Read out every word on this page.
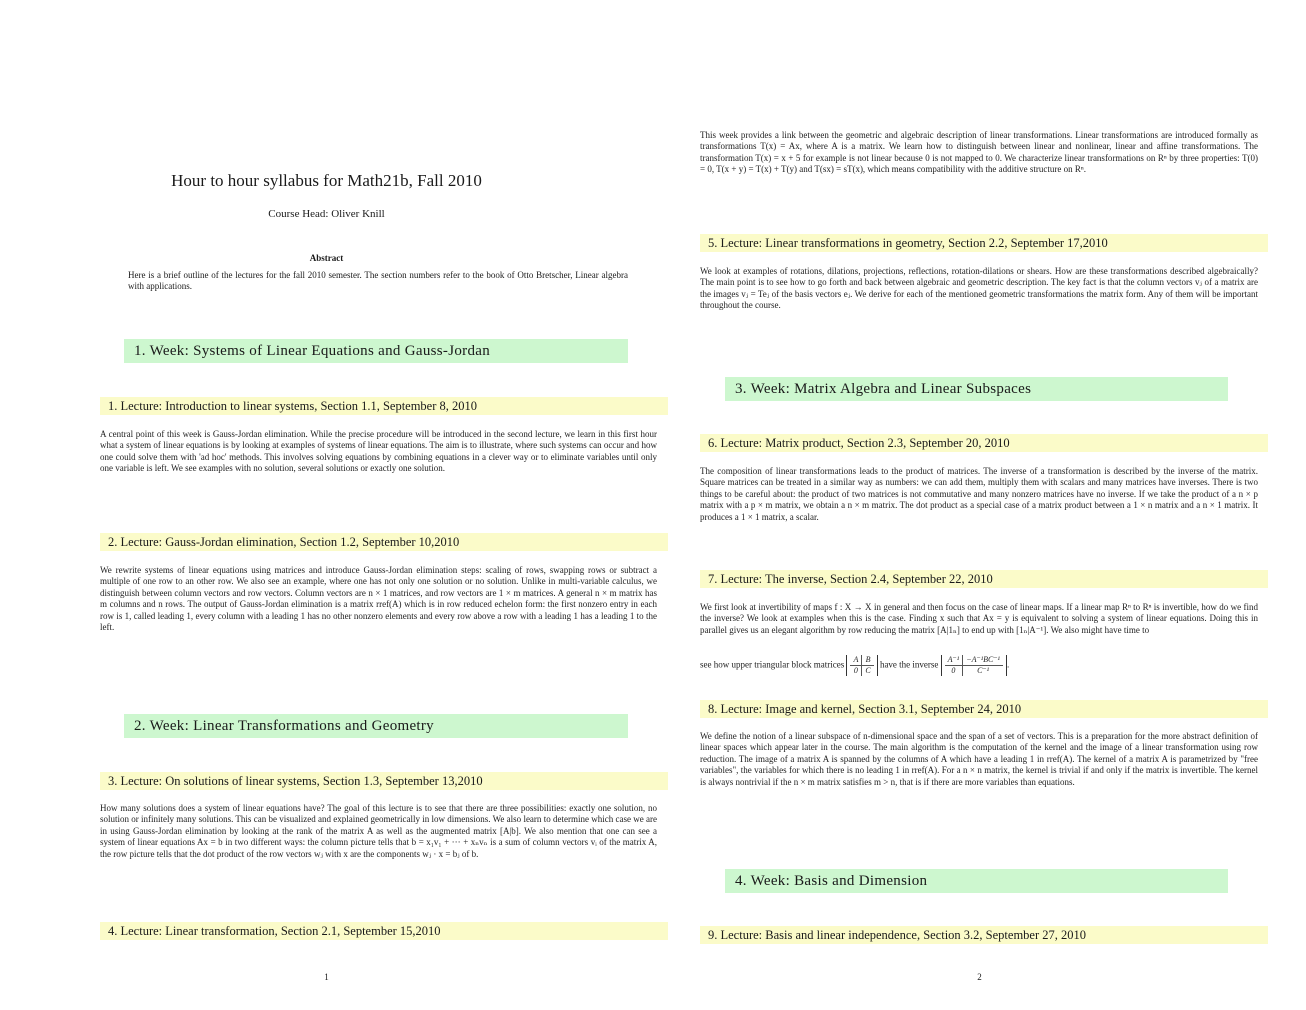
Hour to hour syllabus for Math21b, Fall 2010
Course Head: Oliver Knill
Abstract
Here is a brief outline of the lectures for the fall 2010 semester. The section numbers refer to the book of Otto Bretscher, Linear algebra with applications.
1. Week: Systems of Linear Equations and Gauss-Jordan
1. Lecture: Introduction to linear systems, Section 1.1, September 8, 2010
A central point of this week is Gauss-Jordan elimination. While the precise procedure will be introduced in the second lecture, we learn in this first hour what a system of linear equations is by looking at examples of systems of linear equations. The aim is to illustrate, where such systems can occur and how one could solve them with 'ad hoc' methods. This involves solving equations by combining equations in a clever way or to eliminate variables until only one variable is left. We see examples with no solution, several solutions or exactly one solution.
2. Lecture: Gauss-Jordan elimination, Section 1.2, September 10,2010
We rewrite systems of linear equations using matrices and introduce Gauss-Jordan elimination steps: scaling of rows, swapping rows or subtract a multiple of one row to an other row. We also see an example, where one has not only one solution or no solution. Unlike in multi-variable calculus, we distinguish between column vectors and row vectors. Column vectors are n × 1 matrices, and row vectors are 1 × m matrices. A general n × m matrix has m columns and n rows. The output of Gauss-Jordan elimination is a matrix rref(A) which is in row reduced echelon form: the first nonzero entry in each row is 1, called leading 1, every column with a leading 1 has no other nonzero elements and every row above a row with a leading 1 has a leading 1 to the left.
2. Week: Linear Transformations and Geometry
3. Lecture: On solutions of linear systems, Section 1.3, September 13,2010
How many solutions does a system of linear equations have? The goal of this lecture is to see that there are three possibilities: exactly one solution, no solution or infinitely many solutions. This can be visualized and explained geometrically in low dimensions. We also learn to determine which case we are in using Gauss-Jordan elimination by looking at the rank of the matrix A as well as the augmented matrix [A|b]. We also mention that one can see a system of linear equations Ax = b in two different ways: the column picture tells that b = x₁v₁ + ··· + xₙvₙ is a sum of column vectors vᵢ of the matrix A, the row picture tells that the dot product of the row vectors wⱼ with x are the components wⱼ · x = bⱼ of b.
4. Lecture: Linear transformation, Section 2.1, September 15,2010
1
This week provides a link between the geometric and algebraic description of linear transformations. Linear transformations are introduced formally as transformations T(x) = Ax, where A is a matrix. We learn how to distinguish between linear and nonlinear, linear and affine transformations. The transformation T(x) = x + 5 for example is not linear because 0 is not mapped to 0. We characterize linear transformations on Rⁿ by three properties: T(0) = 0, T(x + y) = T(x) + T(y) and T(sx) = sT(x), which means compatibility with the additive structure on Rⁿ.
5. Lecture: Linear transformations in geometry, Section 2.2, September 17,2010
We look at examples of rotations, dilations, projections, reflections, rotation-dilations or shears. How are these transformations described algebraically? The main point is to see how to go forth and back between algebraic and geometric description. The key fact is that the column vectors vⱼ of a matrix are the images vⱼ = Teⱼ of the basis vectors eⱼ. We derive for each of the mentioned geometric transformations the matrix form. Any of them will be important throughout the course.
3. Week: Matrix Algebra and Linear Subspaces
6. Lecture: Matrix product, Section 2.3, September 20, 2010
The composition of linear transformations leads to the product of matrices. The inverse of a transformation is described by the inverse of the matrix. Square matrices can be treated in a similar way as numbers: we can add them, multiply them with scalars and many matrices have inverses. There is two things to be careful about: the product of two matrices is not commutative and many nonzero matrices have no inverse. If we take the product of a n × p matrix with a p × m matrix, we obtain a n × m matrix. The dot product as a special case of a matrix product between a 1 × n matrix and a n × 1 matrix. It produces a 1 × 1 matrix, a scalar.
7. Lecture: The inverse, Section 2.4, September 22, 2010
We first look at invertibility of maps f : X → X in general and then focus on the case of linear maps. If a linear map Rⁿ to Rⁿ is invertible, how do we find the inverse? We look at examples when this is the case. Finding x such that Ax = y is equivalent to solving a system of linear equations. Doing this in parallel gives us an elegant algorithm by row reducing the matrix [A|1ₙ] to end up with [1ₙ|A⁻¹]. We also might have time to
see how upper triangular block matrices
A	B
0	C
have the inverse
A⁻¹	−A⁻¹BC⁻¹
0	C⁻¹
.
8. Lecture: Image and kernel, Section 3.1, September 24, 2010
We define the notion of a linear subspace of n-dimensional space and the span of a set of vectors. This is a preparation for the more abstract definition of linear spaces which appear later in the course. The main algorithm is the computation of the kernel and the image of a linear transformation using row reduction. The image of a matrix A is spanned by the columns of A which have a leading 1 in rref(A). The kernel of a matrix A is parametrized by "free variables", the variables for which there is no leading 1 in rref(A). For a n × n matrix, the kernel is trivial if and only if the matrix is invertible. The kernel is always nontrivial if the n × m matrix satisfies m > n, that is if there are more variables than equations.
4. Week: Basis and Dimension
9. Lecture: Basis and linear independence, Section 3.2, September 27, 2010
2
